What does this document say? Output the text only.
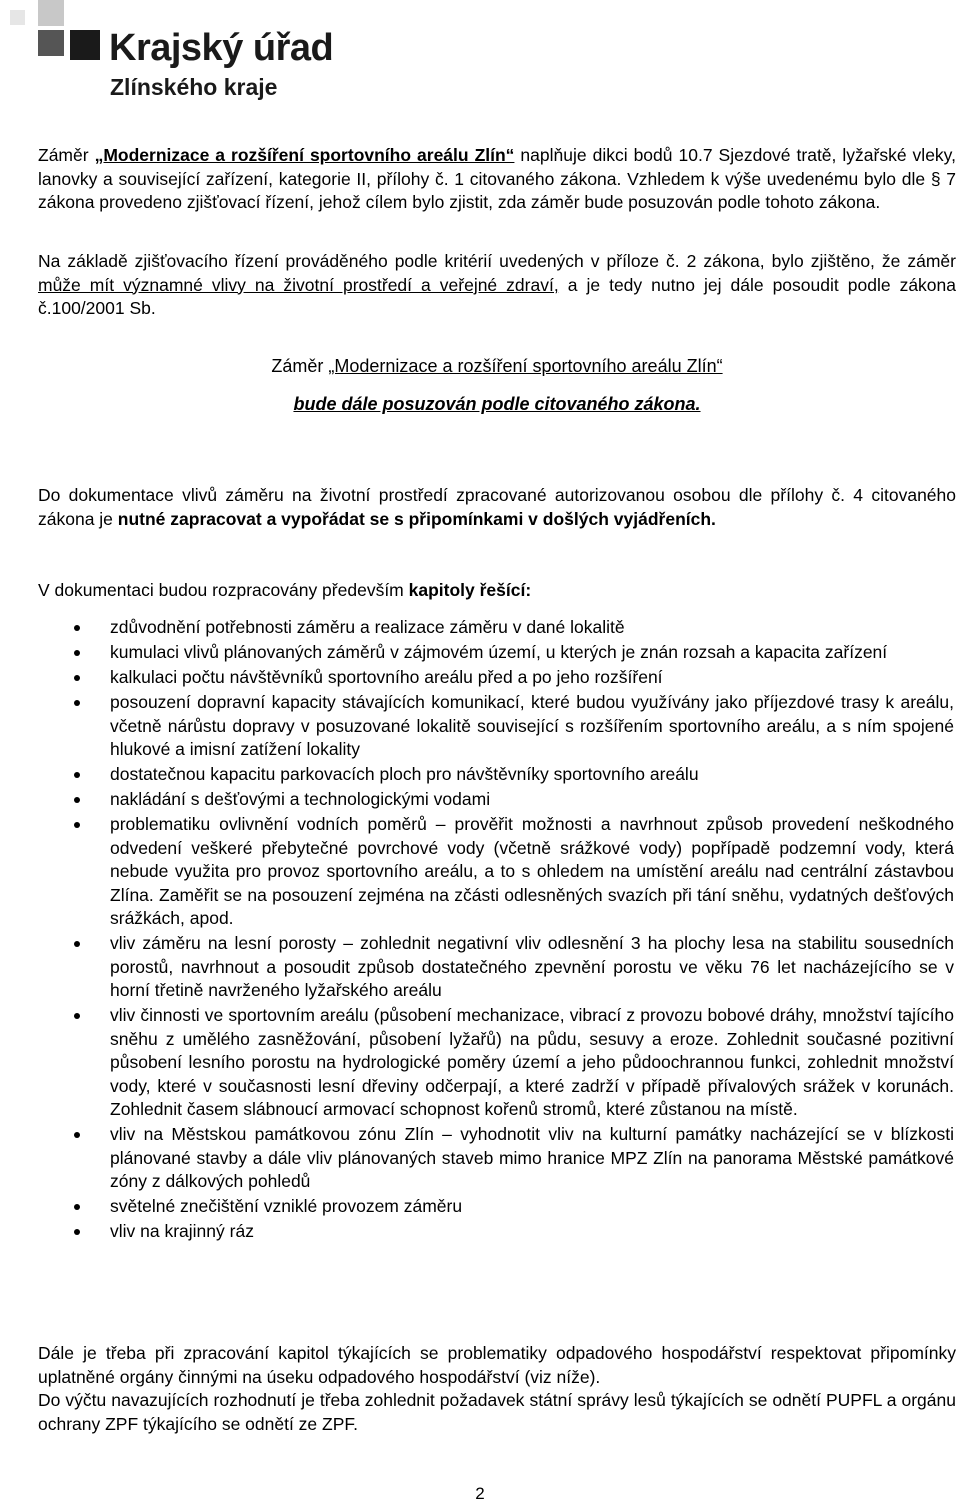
Krajský úřad
Zlínského kraje

Záměr „Modernizace a rozšíření sportovního areálu Zlín“ naplňuje dikci bodů 10.7 Sjezdové tratě, lyžařské vleky, lanovky a související zařízení, kategorie II, přílohy č. 1 citovaného zákona. Vzhledem k výše uvedenému bylo dle § 7 zákona provedeno zjišťovací řízení, jehož cílem bylo zjistit, zda záměr bude posuzován podle tohoto zákona.

Na základě zjišťovacího řízení prováděného podle kritérií uvedených v příloze č. 2 zákona, bylo zjištěno, že záměr může mít významné vlivy na životní prostředí a veřejné zdraví, a je tedy nutno jej dále posoudit podle zákona č.100/2001 Sb.

Záměr „Modernizace a rozšíření sportovního areálu Zlín“

bude dále posuzován podle citovaného zákona.

Do dokumentace vlivů záměru na životní prostředí zpracované autorizovanou osobou dle přílohy č. 4 citovaného zákona je nutné zapracovat a vypořádat se s připomínkami v došlých vyjádřeních.

V dokumentaci budou rozpracovány především kapitoly řešící:

zdůvodnění potřebnosti záměru a realizace záměru v dané lokalitě
kumulaci vlivů plánovaných záměrů v zájmovém území, u kterých je znán rozsah a kapacita zařízení
kalkulaci počtu návštěvníků sportovního areálu před a po jeho rozšíření
posouzení dopravní kapacity stávajících komunikací, které budou využívány jako příjezdové trasy k areálu, včetně nárůstu dopravy v posuzované lokalitě související s rozšířením sportovního areálu, a s ním spojené hlukové a imisní zatížení lokality
dostatečnou kapacitu parkovacích ploch pro návštěvníky sportovního areálu
nakládání s dešťovými a technologickými vodami
problematiku ovlivnění vodních poměrů – prověřit možnosti a navrhnout způsob provedení neškodného odvedení veškeré přebytečné povrchové vody (včetně srážkové vody) popřípadě podzemní vody, která nebude využita pro provoz sportovního areálu, a to s ohledem na umístění areálu nad centrální zástavbou Zlína. Zaměřit se na posouzení zejména na zčásti odlesněných svazích při tání sněhu, vydatných dešťových srážkách, apod.
vliv záměru na lesní porosty – zohlednit negativní vliv odlesnění 3 ha plochy lesa na stabilitu sousedních porostů, navrhnout a posoudit způsob dostatečného zpevnění porostu ve věku 76 let nacházejícího se v horní třetině navrženého lyžařského areálu
vliv činnosti ve sportovním areálu (působení mechanizace, vibrací z provozu bobové dráhy, množství tajícího sněhu z umělého zasněžování, působení lyžařů) na půdu, sesuvy a eroze. Zohlednit současné pozitivní působení lesního porostu na hydrologické poměry území a jeho půdoochrannou funkci, zohlednit množství vody, které v současnosti lesní dřeviny odčerpají, a které zadrží v případě přívalových srážek v korunách. Zohlednit časem slábnoucí armovací schopnost kořenů stromů, které zůstanou na místě.
vliv na Městskou památkovou zónu Zlín – vyhodnotit vliv na kulturní památky nacházející se v blízkosti plánované stavby a dále vliv plánovaných staveb mimo hranice MPZ Zlín na panorama Městské památkové zóny z dálkových pohledů
světelné znečištění vzniklé provozem záměru
vliv na krajinný ráz

Dále je třeba při zpracování kapitol týkajících se problematiky odpadového hospodářství respektovat připomínky uplatněné orgány činnými na úseku odpadového hospodářství (viz níže).

Do výčtu navazujících rozhodnutí je třeba zohlednit požadavek státní správy lesů týkajících se odnětí PUPFL a orgánu ochrany ZPF týkajícího se odnětí ze ZPF.

2
